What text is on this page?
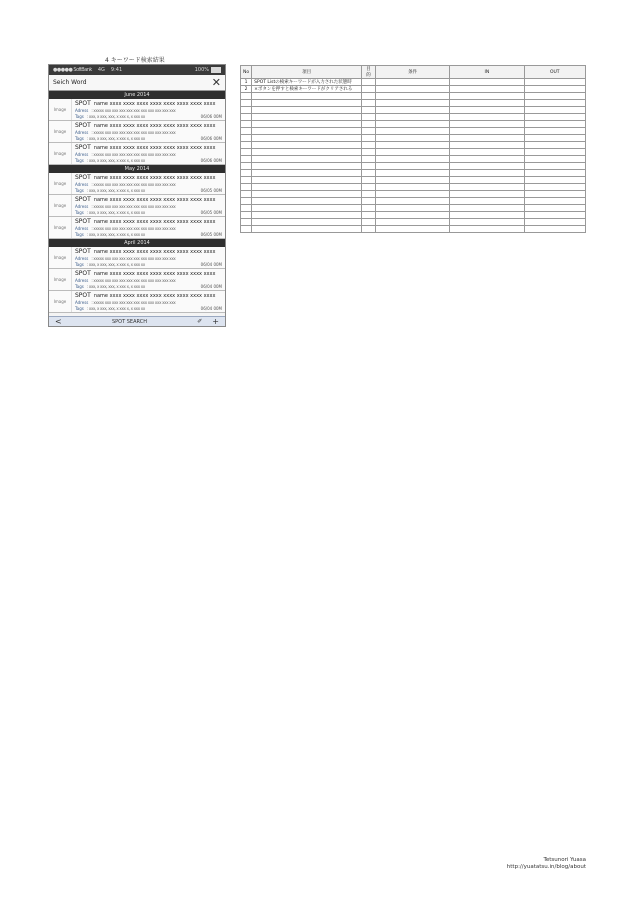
4 キーワード検索結果
●●●●● SoftBank 4G 9:41	100%
Seich Word	✕
June 2014
Image
SPOT name xxxx xxxx xxxx xxxx xxxx xxxx xxxx xxxx
Adress : xxxxx xxx xxx xxx xxx xxx xxx xxx xxx xxx xxx
Tags : xxx, x xxx, xxx, x xxx x, x xxx xx	06/06 00M
Image
SPOT name xxxx xxxx xxxx xxxx xxxx xxxx xxxx xxxx
Adress : xxxxx xxx xxx xxx xxx xxx xxx xxx xxx xxx xxx
Tags : xxx, x xxx, xxx, x xxx x, x xxx xx	06/06 00M
Image
SPOT name xxxx xxxx xxxx xxxx xxxx xxxx xxxx xxxx
Adress : xxxxx xxx xxx xxx xxx xxx xxx xxx xxx xxx xxx
Tags : xxx, x xxx, xxx, x xxx x, x xxx xx	06/06 00M
May 2014
Image
SPOT name xxxx xxxx xxxx xxxx xxxx xxxx xxxx xxxx
Adress : xxxxx xxx xxx xxx xxx xxx xxx xxx xxx xxx xxx
Tags : xxx, x xxx, xxx, x xxx x, x xxx xx	06/05 00M
Image
SPOT name xxxx xxxx xxxx xxxx xxxx xxxx xxxx xxxx
Adress : xxxxx xxx xxx xxx xxx xxx xxx xxx xxx xxx xxx
Tags : xxx, x xxx, xxx, x xxx x, x xxx xx	06/05 00M
Image
SPOT name xxxx xxxx xxxx xxxx xxxx xxxx xxxx xxxx
Adress : xxxxx xxx xxx xxx xxx xxx xxx xxx xxx xxx xxx
Tags : xxx, x xxx, xxx, x xxx x, x xxx xx	06/05 00M
April 2014
Image
SPOT name xxxx xxxx xxxx xxxx xxxx xxxx xxxx xxxx
Adress : xxxxx xxx xxx xxx xxx xxx xxx xxx xxx xxx xxx
Tags : xxx, x xxx, xxx, x xxx x, x xxx xx	06/04 00M
Image
SPOT name xxxx xxxx xxxx xxxx xxxx xxxx xxxx xxxx
Adress : xxxxx xxx xxx xxx xxx xxx xxx xxx xxx xxx xxx
Tags : xxx, x xxx, xxx, x xxx x, x xxx xx	06/04 00M
Image
SPOT name xxxx xxxx xxxx xxxx xxxx xxxx xxxx xxxx
Adress : xxxxx xxx xxx xxx xxx xxx xxx xxx xxx xxx xxx
Tags : xxx, x xxx, xxx, x xxx x, x xxx xx	06/04 00M
<	SPOT SEARCH	✐ +
No	項目	目 的	条件	IN	OUT
1	SPOT Listの検索キーワードが入力された状態時				
2	×ボタンを押すと検索キーワードがクリアされる				

Tetsunori Yuasa
http://yuatatsu.in/blog/about
